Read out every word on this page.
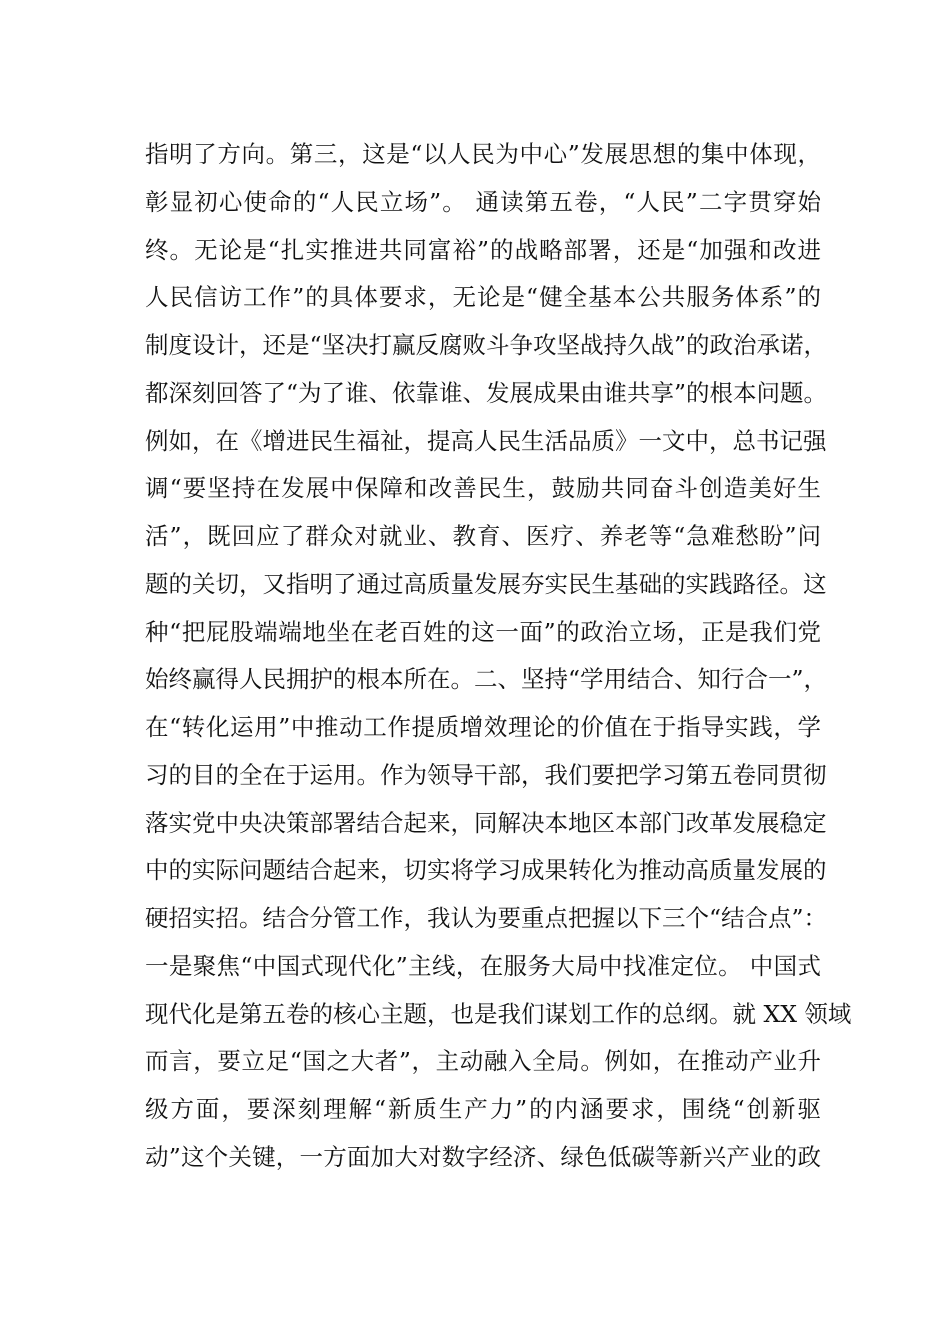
指明了方向。第三，这是“以人民为中心”发展思想的集中体现，
彰显初心使命的“人民立场”。 通读第五卷，“人民”二字贯穿始
终。无论是“扎实推进共同富裕”的战略部署，还是“加强和改进
人民信访工作”的具体要求，无论是“健全基本公共服务体系”的
制度设计，还是“坚决打赢反腐败斗争攻坚战持久战”的政治承诺，
都深刻回答了“为了谁、依靠谁、发展成果由谁共享”的根本问题。
例如，在《增进民生福祉，提高人民生活品质》一文中，总书记强
调“要坚持在发展中保障和改善民生，鼓励共同奋斗创造美好生
活”，既回应了群众对就业、教育、医疗、养老等“急难愁盼”问
题的关切，又指明了通过高质量发展夯实民生基础的实践路径。这
种“把屁股端端地坐在老百姓的这一面”的政治立场，正是我们党
始终赢得人民拥护的根本所在。二、坚持“学用结合、知行合一”，
在“转化运用”中推动工作提质增效理论的价值在于指导实践，学
习的目的全在于运用。作为领导干部，我们要把学习第五卷同贯彻
落实党中央决策部署结合起来，同解决本地区本部门改革发展稳定
中的实际问题结合起来，切实将学习成果转化为推动高质量发展的
硬招实招。结合分管工作，我认为要重点把握以下三个“结合点”：
一是聚焦“中国式现代化”主线，在服务大局中找准定位。 中国式
现代化是第五卷的核心主题，也是我们谋划工作的总纲。就 XX 领域
而言，要立足“国之大者”，主动融入全局。例如，在推动产业升
级方面，要深刻理解“新质生产力”的内涵要求，围绕“创新驱
动”这个关键，一方面加大对数字经济、绿色低碳等新兴产业的政
